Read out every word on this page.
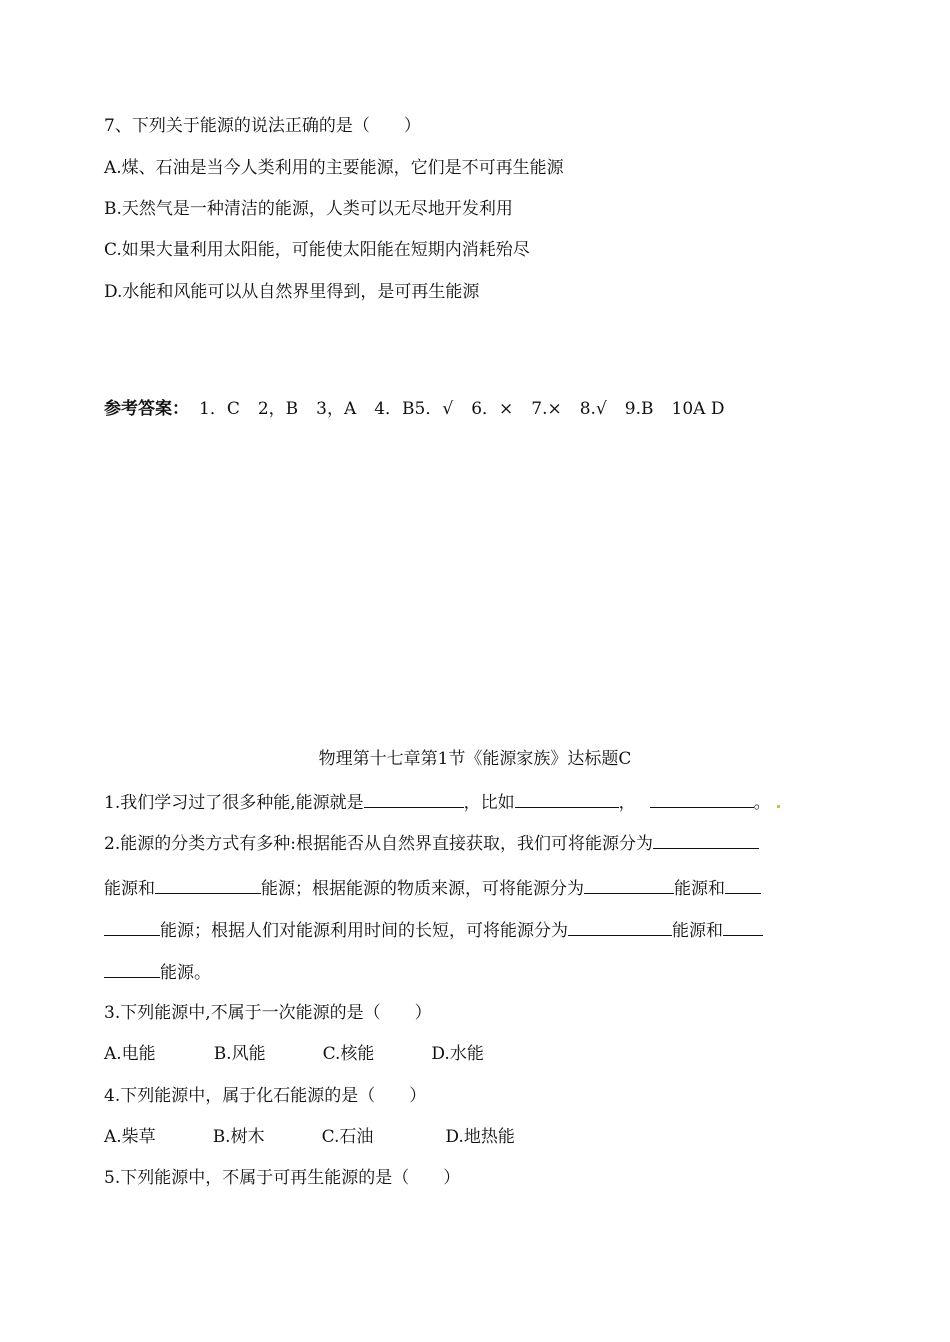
7、下列关于能源的说法正确的是（　　）
A.煤、石油是当今人类利用的主要能源，它们是不可再生能源
B.天然气是一种清洁的能源，人类可以无尽地开发利用
C.如果大量利用太阳能，可能使太阳能在短期内消耗殆尽
D.水能和风能可以从自然界里得到，是可再生能源
参考答案： 1．C 2，B 3，A 4．B5．√ 6．× 7.× 8.√ 9.B 10A D
物理第十七章第1节《能源家族》达标题C
1.我们学习过了很多种能,能源就是	，比如	，	。
2.能源的分类方式有多种:根据能否从自然界直接获取，我们可将能源分为
能源和	能源；根据能源的物质来源，可将能源分为	能源和
能源；根据人们对能源利用时间的长短，可将能源分为	能源和
能源。
3.下列能源中,不属于一次能源的是（　　）
A.电能	B.风能	C.核能	D.水能
4.下列能源中，属于化石能源的是（　　）
A.柴草	B.树木	C.石油	D.地热能
5.下列能源中，不属于可再生能源的是（　　）
